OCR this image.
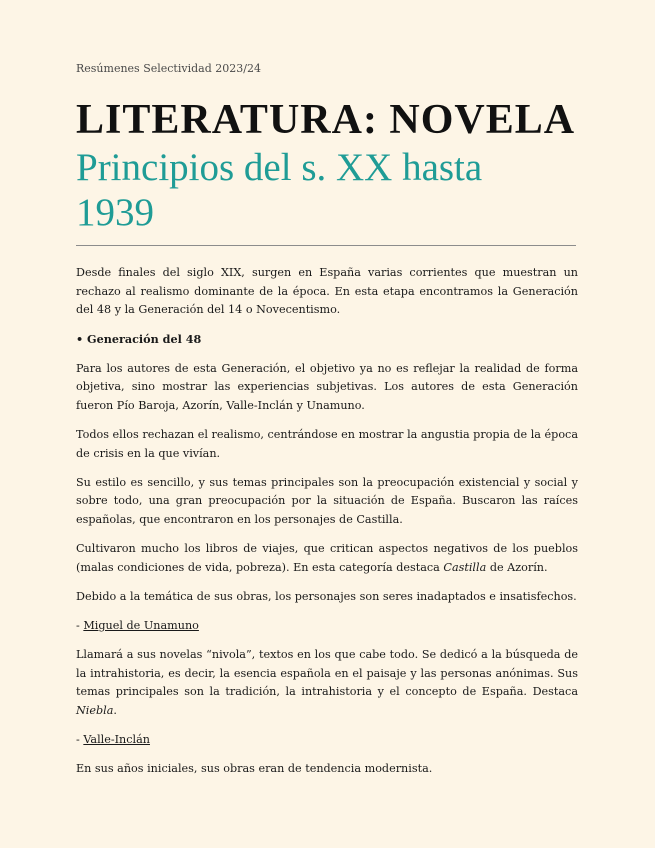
Resúmenes Selectividad 2023/24
LITERATURA: NOVELA
Principios del s. XX hasta 1939

Desde finales del siglo XIX, surgen en España varias corrientes que muestran un rechazo al realismo dominante de la época. En esta etapa encontramos la Generación del 48 y la Generación del 14 o Novecentismo.

• Generación del 48

Para los autores de esta Generación, el objetivo ya no es reflejar la realidad de forma objetiva, sino mostrar las experiencias subjetivas. Los autores de esta Generación fueron Pío Baroja, Azorín, Valle-Inclán y Unamuno.

Todos ellos rechazan el realismo, centrándose en mostrar la angustia propia de la época de crisis en la que vivían.

Su estilo es sencillo, y sus temas principales son la preocupación existencial y social y sobre todo, una gran preocupación por la situación de España. Buscaron las raíces españolas, que encontraron en los personajes de Castilla.

Cultivaron mucho los libros de viajes, que critican aspectos negativos de los pueblos (malas condiciones de vida, pobreza). En esta categoría destaca Castilla de Azorín.

Debido a la temática de sus obras, los personajes son seres inadaptados e insatisfechos.

- Miguel de Unamuno

Llamará a sus novelas “nivola”, textos en los que cabe todo. Se dedicó a la búsqueda de la intrahistoria, es decir, la esencia española en el paisaje y las personas anónimas. Sus temas principales son la tradición, la intrahistoria y el concepto de España. Destaca Niebla.

- Valle-Inclán

En sus años iniciales, sus obras eran de tendencia modernista.
